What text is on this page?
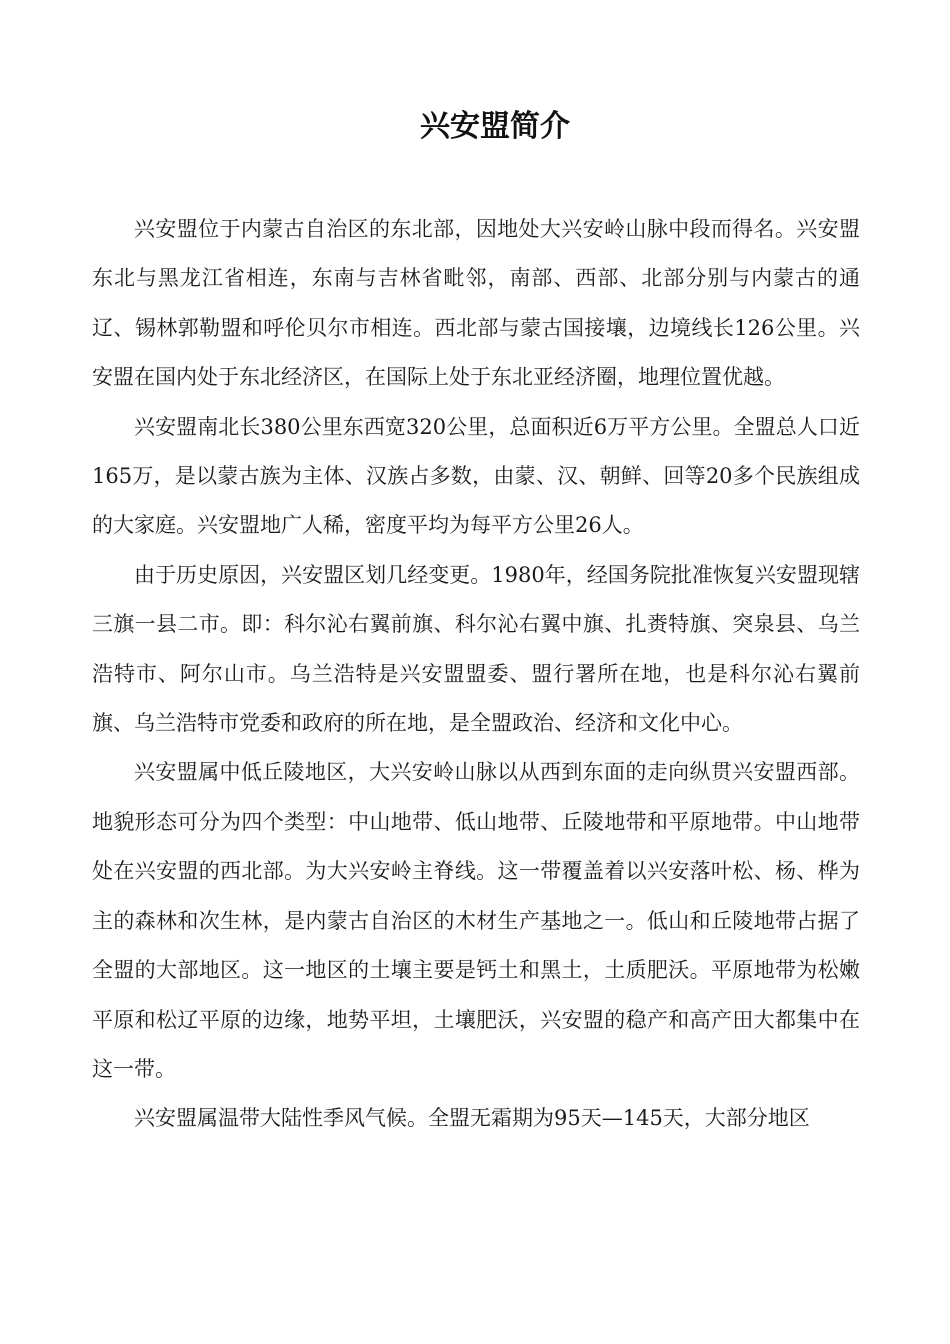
兴安盟简介

兴安盟位于内蒙古自治区的东北部，因地处大兴安岭山脉中段而得名。兴安盟东北与黑龙江省相连，东南与吉林省毗邻，南部、西部、北部分别与内蒙古的通辽、锡林郭勒盟和呼伦贝尔市相连。西北部与蒙古国接壤，边境线长126公里。兴安盟在国内处于东北经济区，在国际上处于东北亚经济圈，地理位置优越。

兴安盟南北长380公里东西宽320公里，总面积近6万平方公里。全盟总人口近165万，是以蒙古族为主体、汉族占多数，由蒙、汉、朝鲜、回等20多个民族组成的大家庭。兴安盟地广人稀，密度平均为每平方公里26人。

由于历史原因，兴安盟区划几经变更。1980年，经国务院批准恢复兴安盟现辖三旗一县二市。即：科尔沁右翼前旗、科尔沁右翼中旗、扎赉特旗、突泉县、乌兰浩特市、阿尔山市。乌兰浩特是兴安盟盟委、盟行署所在地，也是科尔沁右翼前旗、乌兰浩特市党委和政府的所在地，是全盟政治、经济和文化中心。

兴安盟属中低丘陵地区，大兴安岭山脉以从西到东面的走向纵贯兴安盟西部。地貌形态可分为四个类型：中山地带、低山地带、丘陵地带和平原地带。中山地带处在兴安盟的西北部。为大兴安岭主脊线。这一带覆盖着以兴安落叶松、杨、桦为主的森林和次生林，是内蒙古自治区的木材生产基地之一。低山和丘陵地带占据了全盟的大部地区。这一地区的土壤主要是钙土和黑土，土质肥沃。平原地带为松嫩平原和松辽平原的边缘，地势平坦，土壤肥沃，兴安盟的稳产和高产田大都集中在这一带。

兴安盟属温带大陆性季风气候。全盟无霜期为95天—145天，大部分地区
